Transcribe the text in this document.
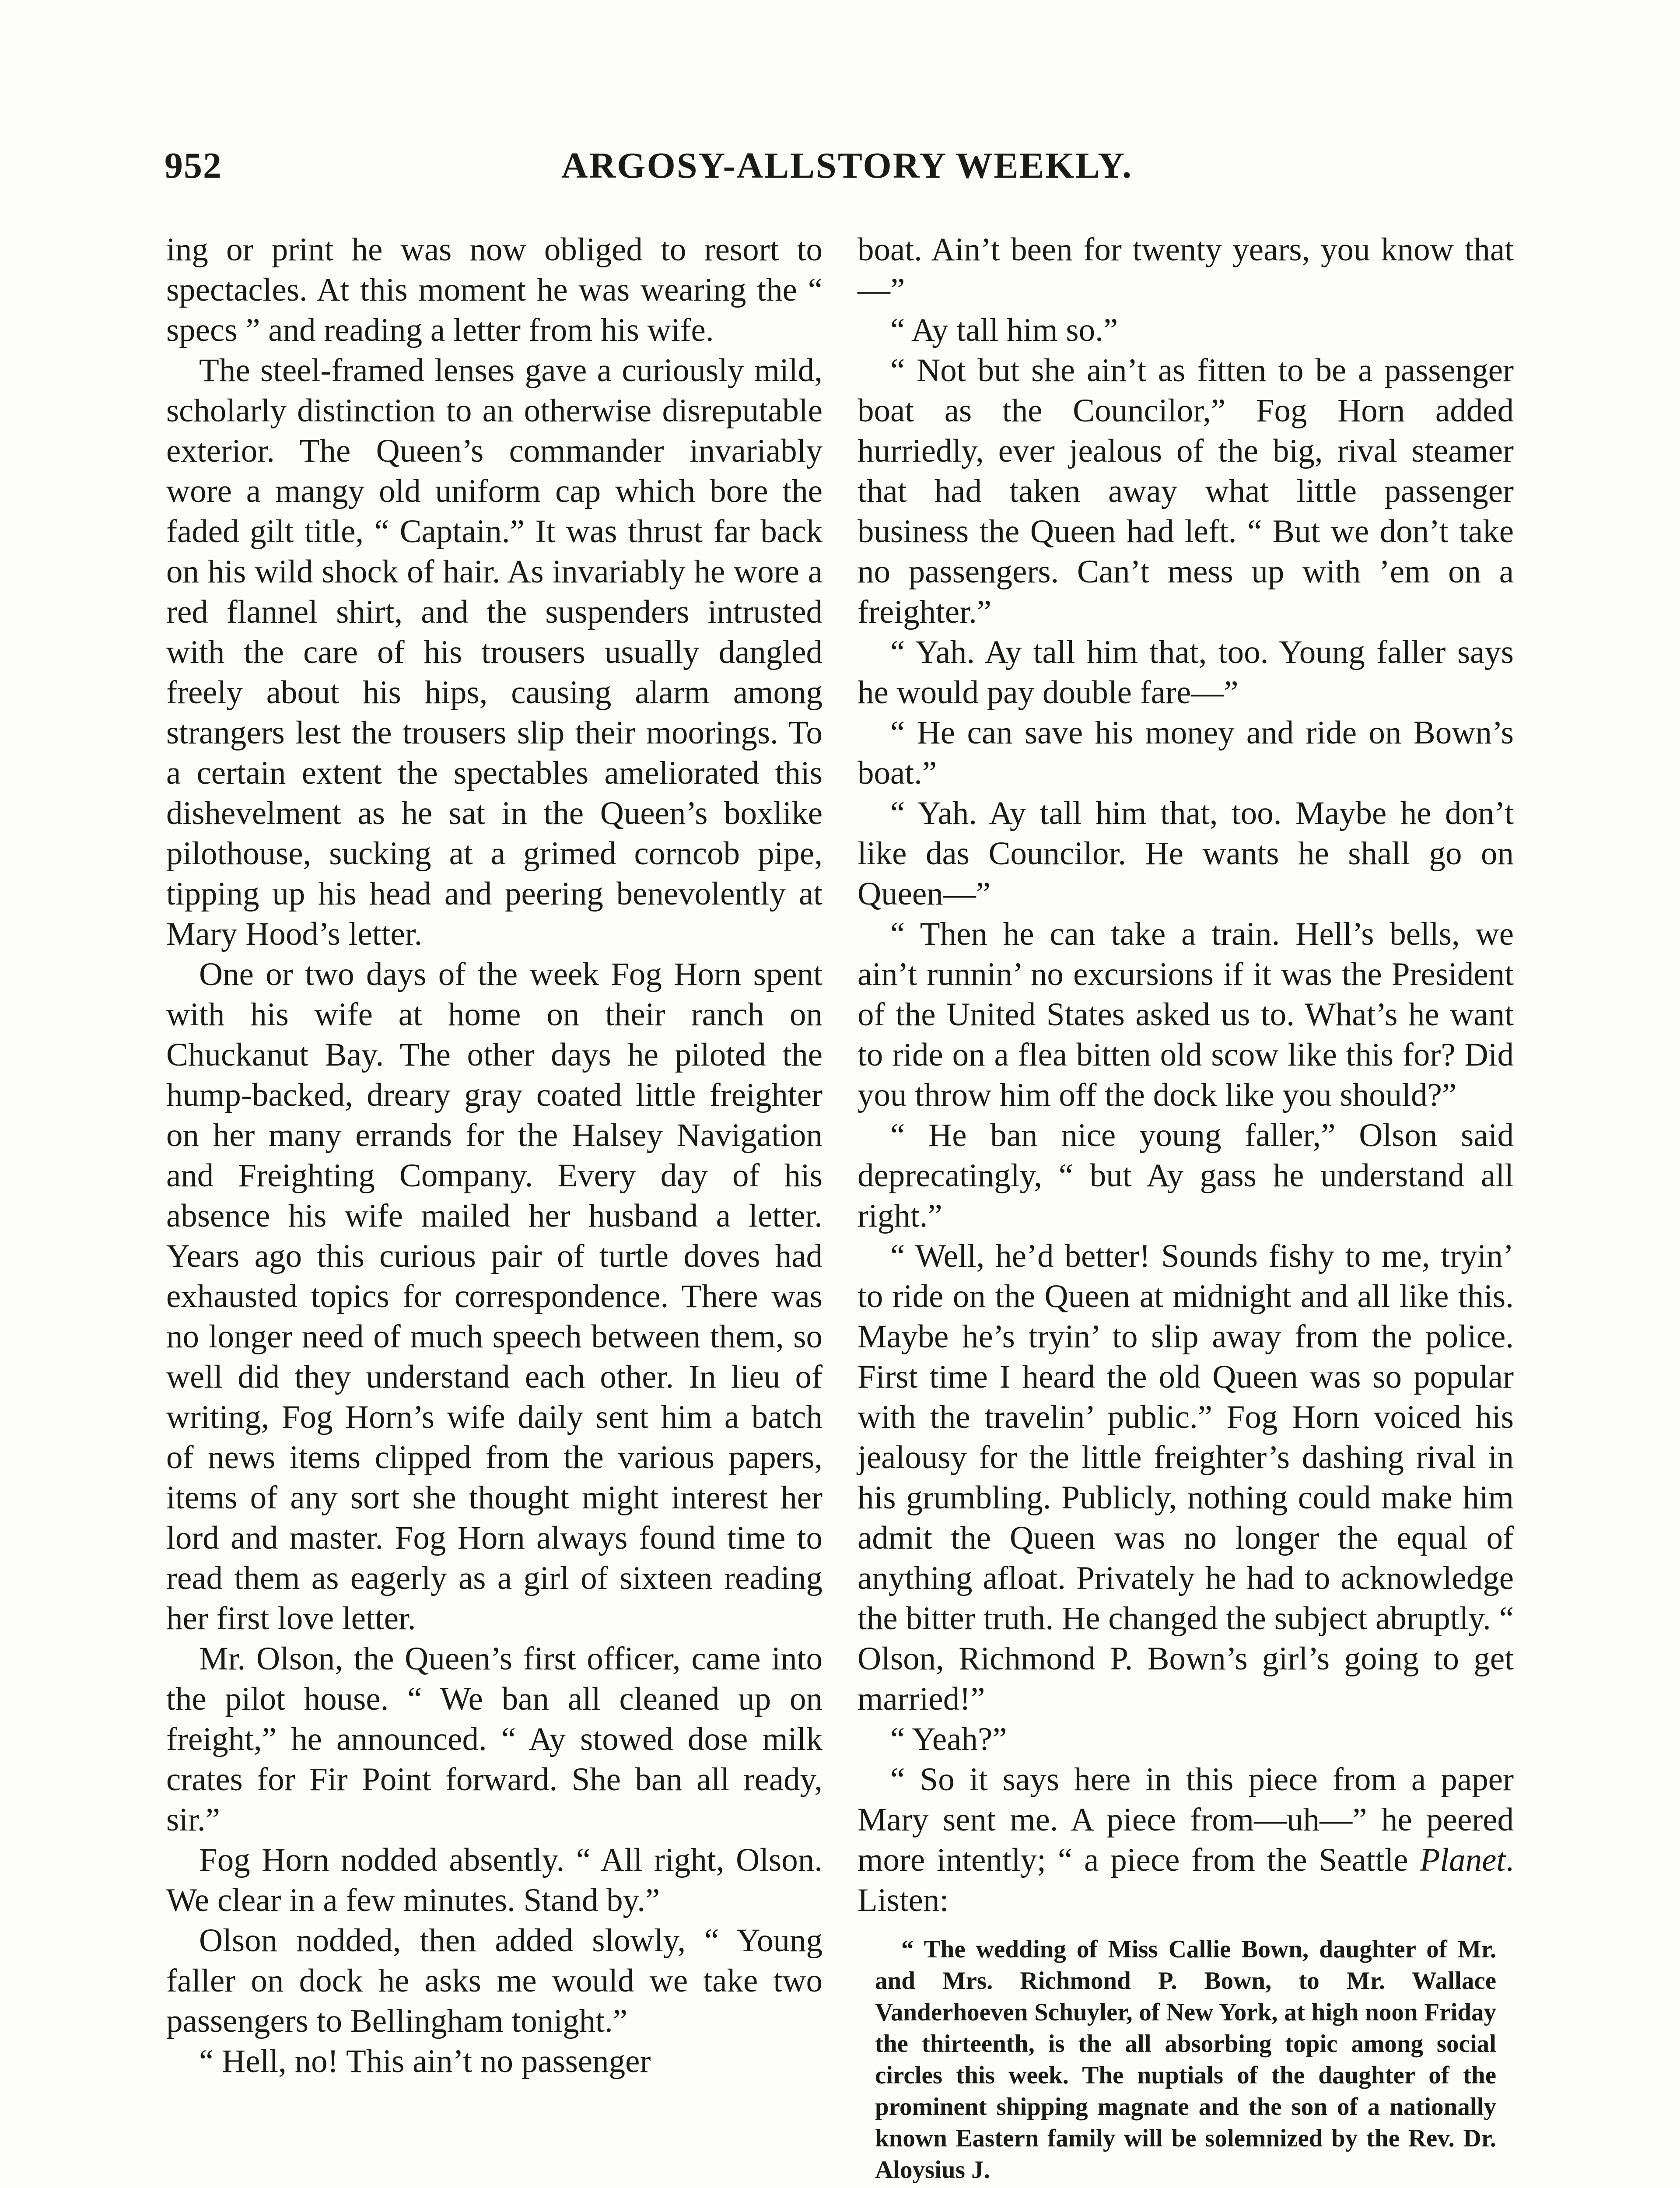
952	ARGOSY-ALLSTORY WEEKLY.

ing or print he was now obliged to resort to spectacles. At this moment he was wearing the “ specs ” and reading a letter from his wife.

The steel-framed lenses gave a curiously mild, scholarly distinction to an otherwise disreputable exterior. The Queen’s commander invariably wore a mangy old uniform cap which bore the faded gilt title, “ Captain.” It was thrust far back on his wild shock of hair. As invariably he wore a red flannel shirt, and the suspenders intrusted with the care of his trousers usually dangled freely about his hips, causing alarm among strangers lest the trousers slip their moorings. To a certain extent the spectables ameliorated this dishevelment as he sat in the Queen’s boxlike pilothouse, sucking at a grimed corncob pipe, tipping up his head and peering benevolently at Mary Hood’s letter.

One or two days of the week Fog Horn spent with his wife at home on their ranch on Chuckanut Bay. The other days he piloted the hump-backed, dreary gray coated little freighter on her many errands for the Halsey Navigation and Freighting Company. Every day of his absence his wife mailed her husband a letter. Years ago this curious pair of turtle doves had exhausted topics for correspondence. There was no longer need of much speech between them, so well did they understand each other. In lieu of writing, Fog Horn’s wife daily sent him a batch of news items clipped from the various papers, items of any sort she thought might interest her lord and master. Fog Horn always found time to read them as eagerly as a girl of sixteen reading her first love letter.

Mr. Olson, the Queen’s first officer, came into the pilot house. “ We ban all cleaned up on freight,” he announced. “ Ay stowed dose milk crates for Fir Point forward. She ban all ready, sir.”

Fog Horn nodded absently. “ All right, Olson. We clear in a few minutes. Stand by.”

Olson nodded, then added slowly, “ Young faller on dock he asks me would we take two passengers to Bellingham tonight.”

“ Hell, no! This ain’t no passenger

boat. Ain’t been for twenty years, you know that—”

“ Ay tall him so.”

“ Not but she ain’t as fitten to be a passenger boat as the Councilor,” Fog Horn added hurriedly, ever jealous of the big, rival steamer that had taken away what little passenger business the Queen had left. “ But we don’t take no passengers. Can’t mess up with ’em on a freighter.”

“ Yah. Ay tall him that, too. Young faller says he would pay double fare—”

“ He can save his money and ride on Bown’s boat.”

“ Yah. Ay tall him that, too. Maybe he don’t like das Councilor. He wants he shall go on Queen—”

“ Then he can take a train. Hell’s bells, we ain’t runnin’ no excursions if it was the President of the United States asked us to. What’s he want to ride on a flea bitten old scow like this for? Did you throw him off the dock like you should?”

“ He ban nice young faller,” Olson said deprecatingly, “ but Ay gass he understand all right.”

“ Well, he’d better! Sounds fishy to me, tryin’ to ride on the Queen at midnight and all like this. Maybe he’s tryin’ to slip away from the police. First time I heard the old Queen was so popular with the travelin’ public.” Fog Horn voiced his jealousy for the little freighter’s dashing rival in his grumbling. Publicly, nothing could make him admit the Queen was no longer the equal of anything afloat. Privately he had to acknowledge the bitter truth. He changed the subject abruptly. “ Olson, Richmond P. Bown’s girl’s going to get married!”

“ Yeah?”

“ So it says here in this piece from a paper Mary sent me. A piece from—uh—” he peered more intently; “ a piece from the Seattle Planet. Listen:

“ The wedding of Miss Callie Bown, daughter of Mr. and Mrs. Richmond P. Bown, to Mr. Wallace Vanderhoeven Schuyler, of New York, at high noon Friday the thirteenth, is the all absorbing topic among social circles this week. The nuptials of the daughter of the prominent shipping magnate and the son of a nationally known Eastern family will be solemnized by the Rev. Dr. Aloysius J.
